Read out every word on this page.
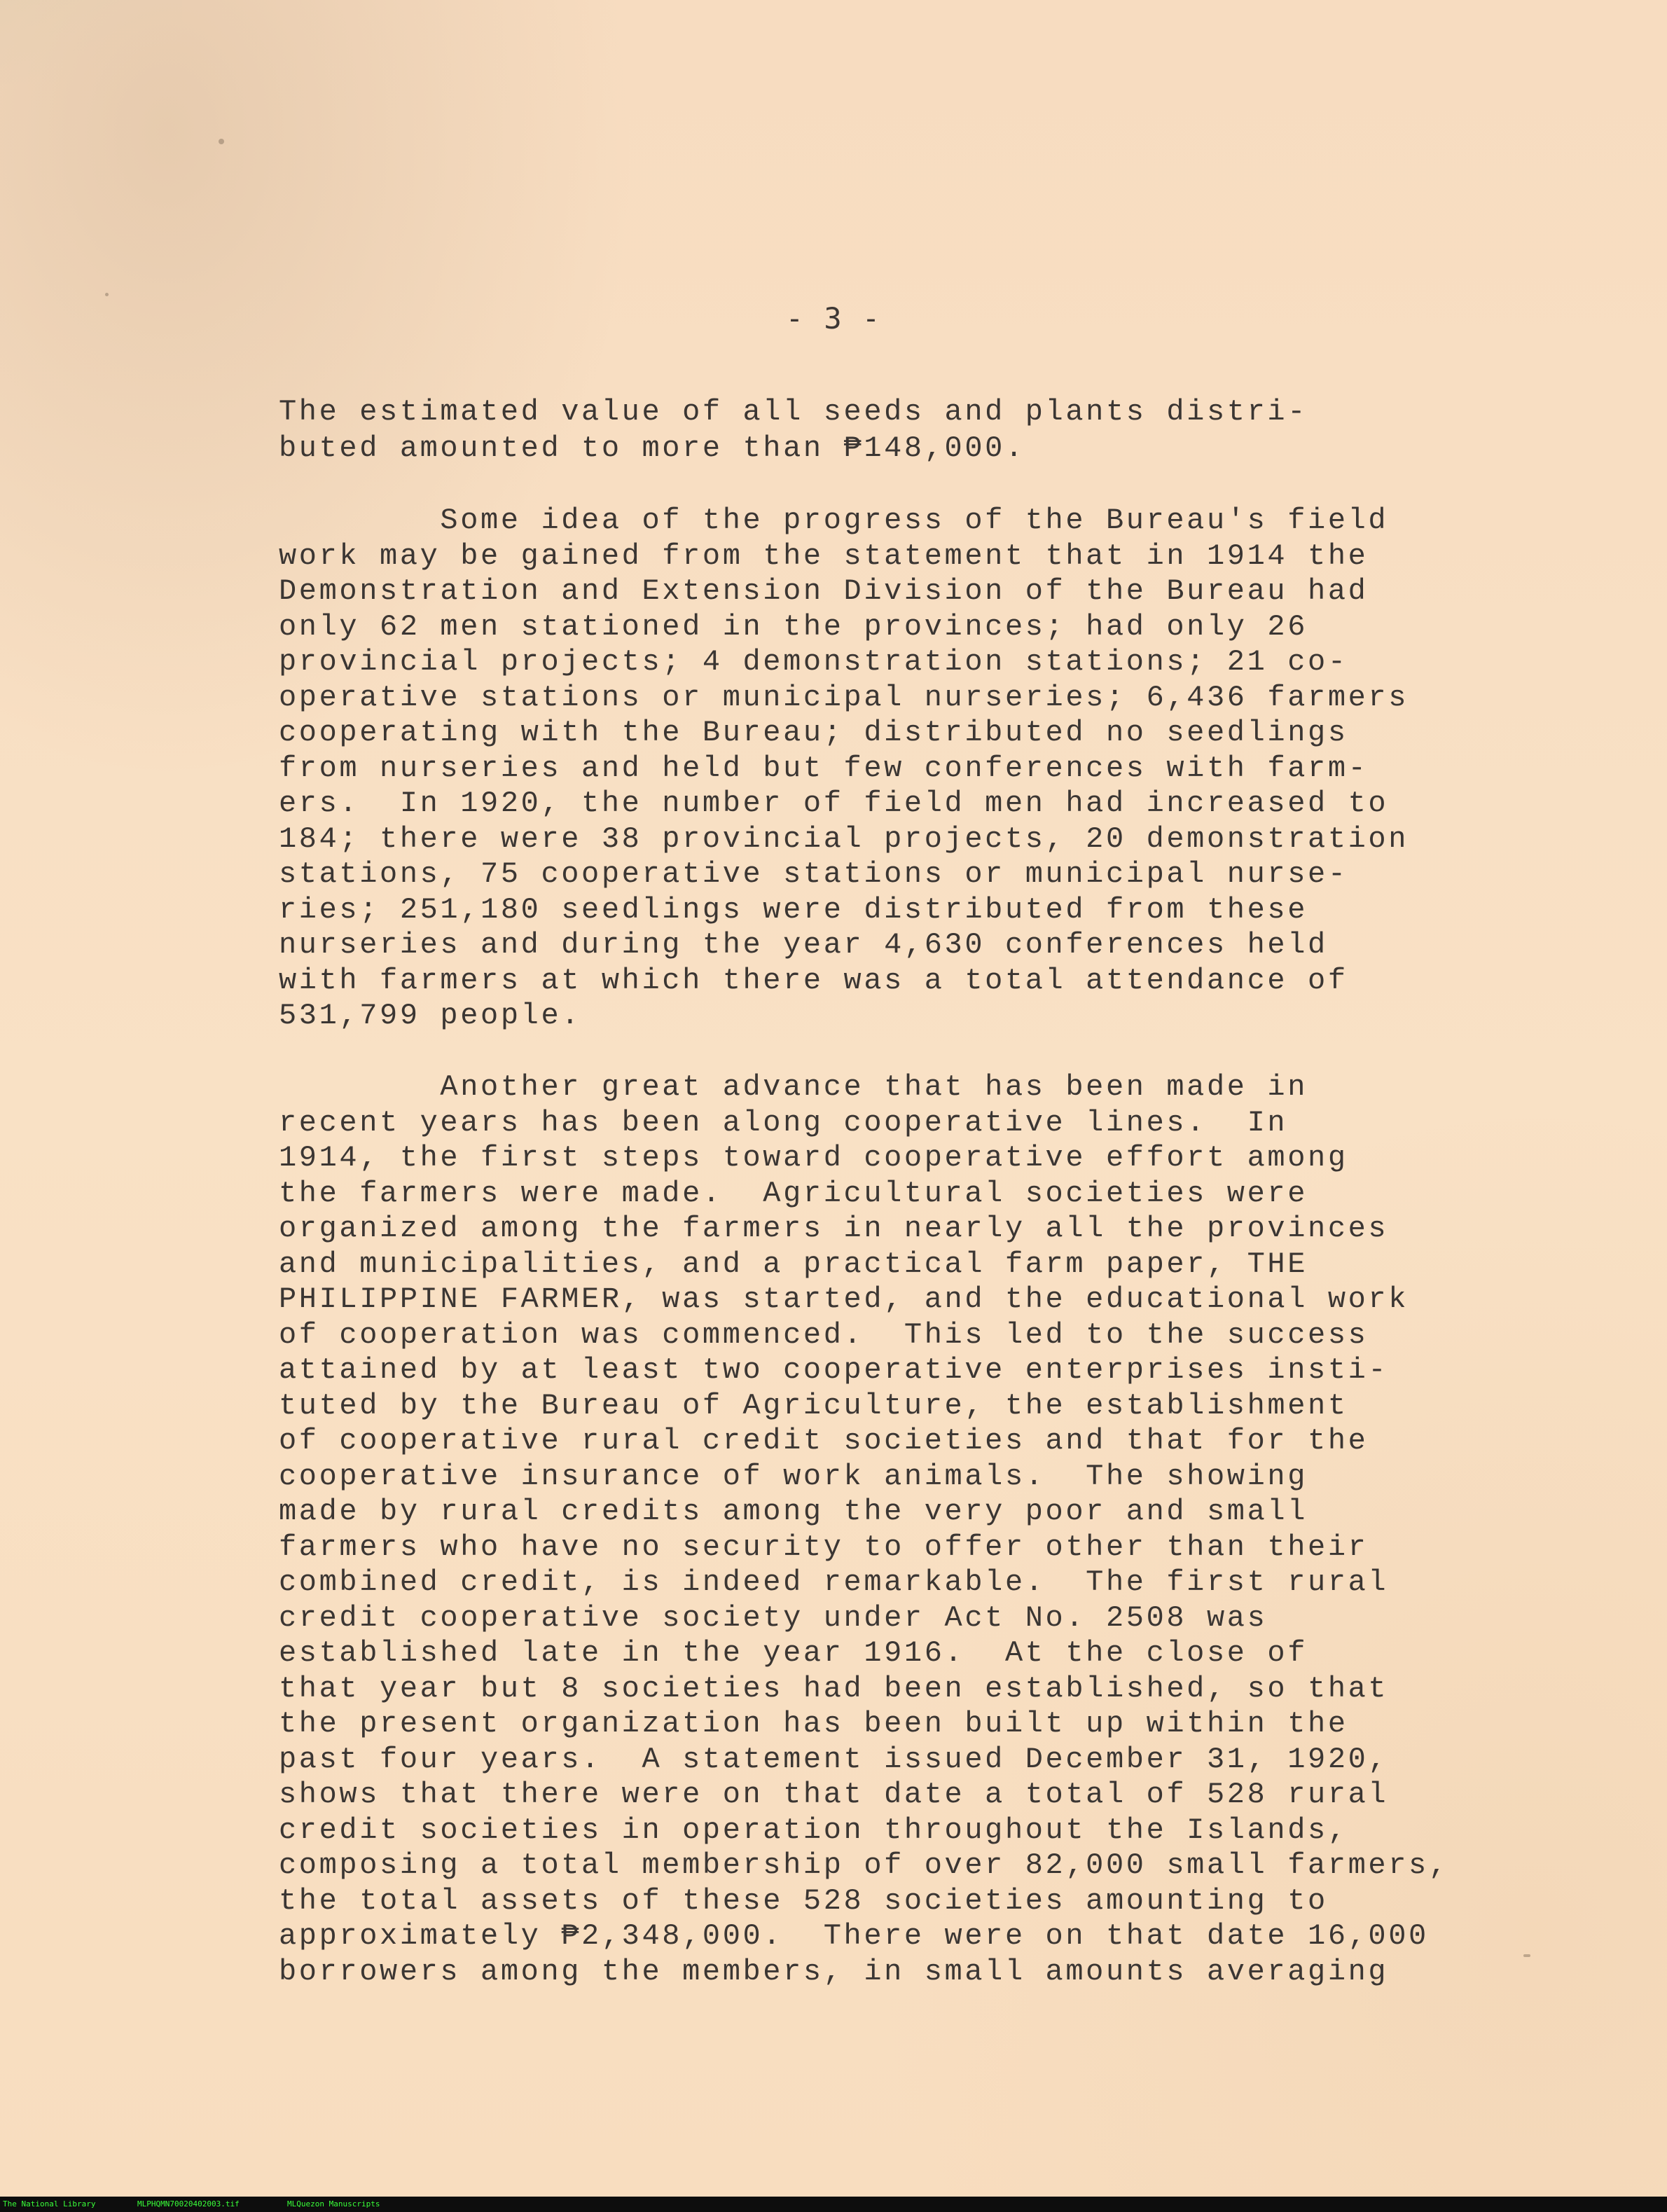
- 3 -
The estimated value of all seeds and plants distri-
buted amounted to more than ₱148,000.
Some idea of the progress of the Bureau's field
work may be gained from the statement that in 1914 the
Demonstration and Extension Division of the Bureau had
only 62 men stationed in the provinces; had only 26
provincial projects; 4 demonstration stations; 21 co-
operative stations or municipal nurseries; 6,436 farmers
cooperating with the Bureau; distributed no seedlings
from nurseries and held but few conferences with farm-
ers.  In 1920, the number of field men had increased to
184; there were 38 provincial projects, 20 demonstration
stations, 75 cooperative stations or municipal nurse-
ries; 251,180 seedlings were distributed from these
nurseries and during the year 4,630 conferences held
with farmers at which there was a total attendance of
531,799 people.
Another great advance that has been made in
recent years has been along cooperative lines.  In
1914, the first steps toward cooperative effort among
the farmers were made.  Agricultural societies were
organized among the farmers in nearly all the provinces
and municipalities, and a practical farm paper, THE
PHILIPPINE FARMER, was started, and the educational work
of cooperation was commenced.  This led to the success
attained by at least two cooperative enterprises insti-
tuted by the Bureau of Agriculture, the establishment
of cooperative rural credit societies and that for the
cooperative insurance of work animals.  The showing
made by rural credits among the very poor and small
farmers who have no security to offer other than their
combined credit, is indeed remarkable.  The first rural
credit cooperative society under Act No. 2508 was
established late in the year 1916.  At the close of
that year but 8 societies had been established, so that
the present organization has been built up within the
past four years.  A statement issued December 31, 1920,
shows that there were on that date a total of 528 rural
credit societies in operation throughout the Islands,
composing a total membership of over 82,000 small farmers,
the total assets of these 528 societies amounting to
approximately ₱2,348,000.  There were on that date 16,000
borrowers among the members, in small amounts averaging
The National Library	MLPHQMN70020402003.tif	MLQuezon Manuscripts
